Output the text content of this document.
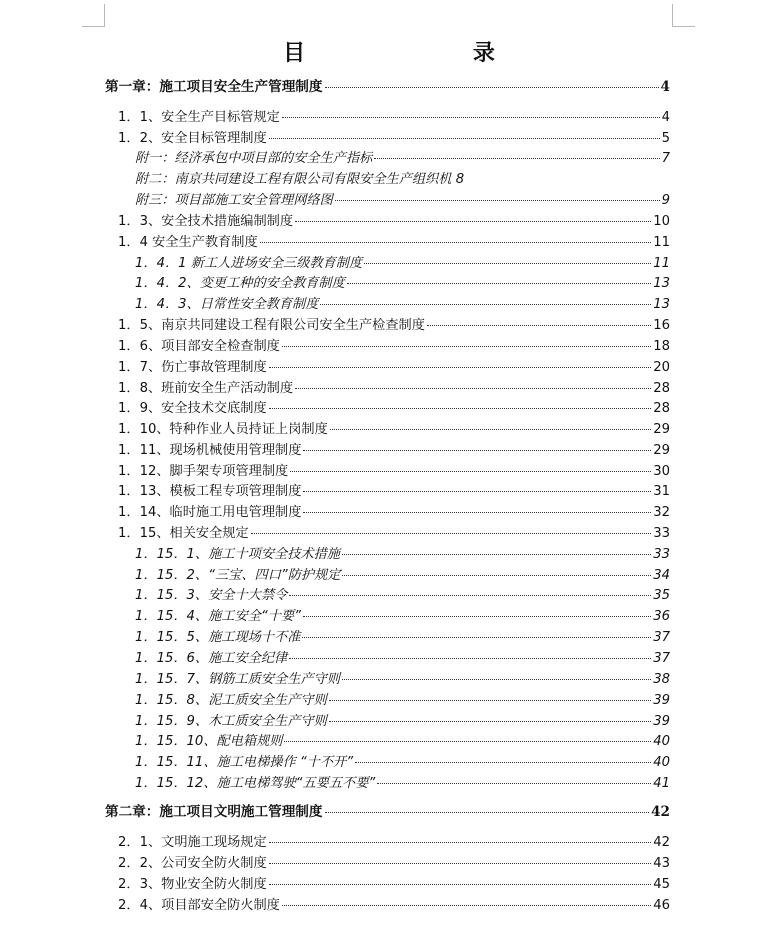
目 录
第一章：施工项目安全生产管理制度	4
1．1、安全生产目标管规定	4
1．2、安全目标管理制度	5
附一：经济承包中项目部的安全生产指标	7
附二：南京共同建设工程有限公司有限安全生产组织机 8
附三：项目部施工安全管理网络图	9
1．3、安全技术措施编制制度	10
1．4 安全生产教育制度	11
1．4．1 新工人进场安全三级教育制度	11
1．4．2、变更工种的安全教育制度	13
1．4．3、日常性安全教育制度	13
1．5、南京共同建设工程有限公司安全生产检查制度	16
1．6、项目部安全检查制度	18
1．7、伤亡事故管理制度	20
1．8、班前安全生产活动制度	28
1．9、安全技术交底制度	28
1．10、特种作业人员持证上岗制度	29
1．11、现场机械使用管理制度	29
1．12、脚手架专项管理制度	30
1．13、模板工程专项管理制度	31
1．14、临时施工用电管理制度	32
1．15、相关安全规定	33
1．15．1、施工十项安全技术措施	33
1．15．2、“三宝、四口”防护规定	34
1．15．3、安全十大禁令	35
1．15．4、施工安全“十要”	36
1．15．5、施工现场十不准	37
1．15．6、施工安全纪律	37
1．15．7、钢筋工质安全生产守则	38
1．15．8、泥工质安全生产守则	39
1．15．9、木工质安全生产守则	39
1．15．10、配电箱规则	40
1．15．11、施工电梯操作 “十不开”	40
1．15．12、施工电梯驾驶“五要五不要”	41
第二章：施工项目文明施工管理制度	42
2．1、文明施工现场规定	42
2．2、公司安全防火制度	43
2．3、物业安全防火制度	45
2．4、项目部安全防火制度	46
